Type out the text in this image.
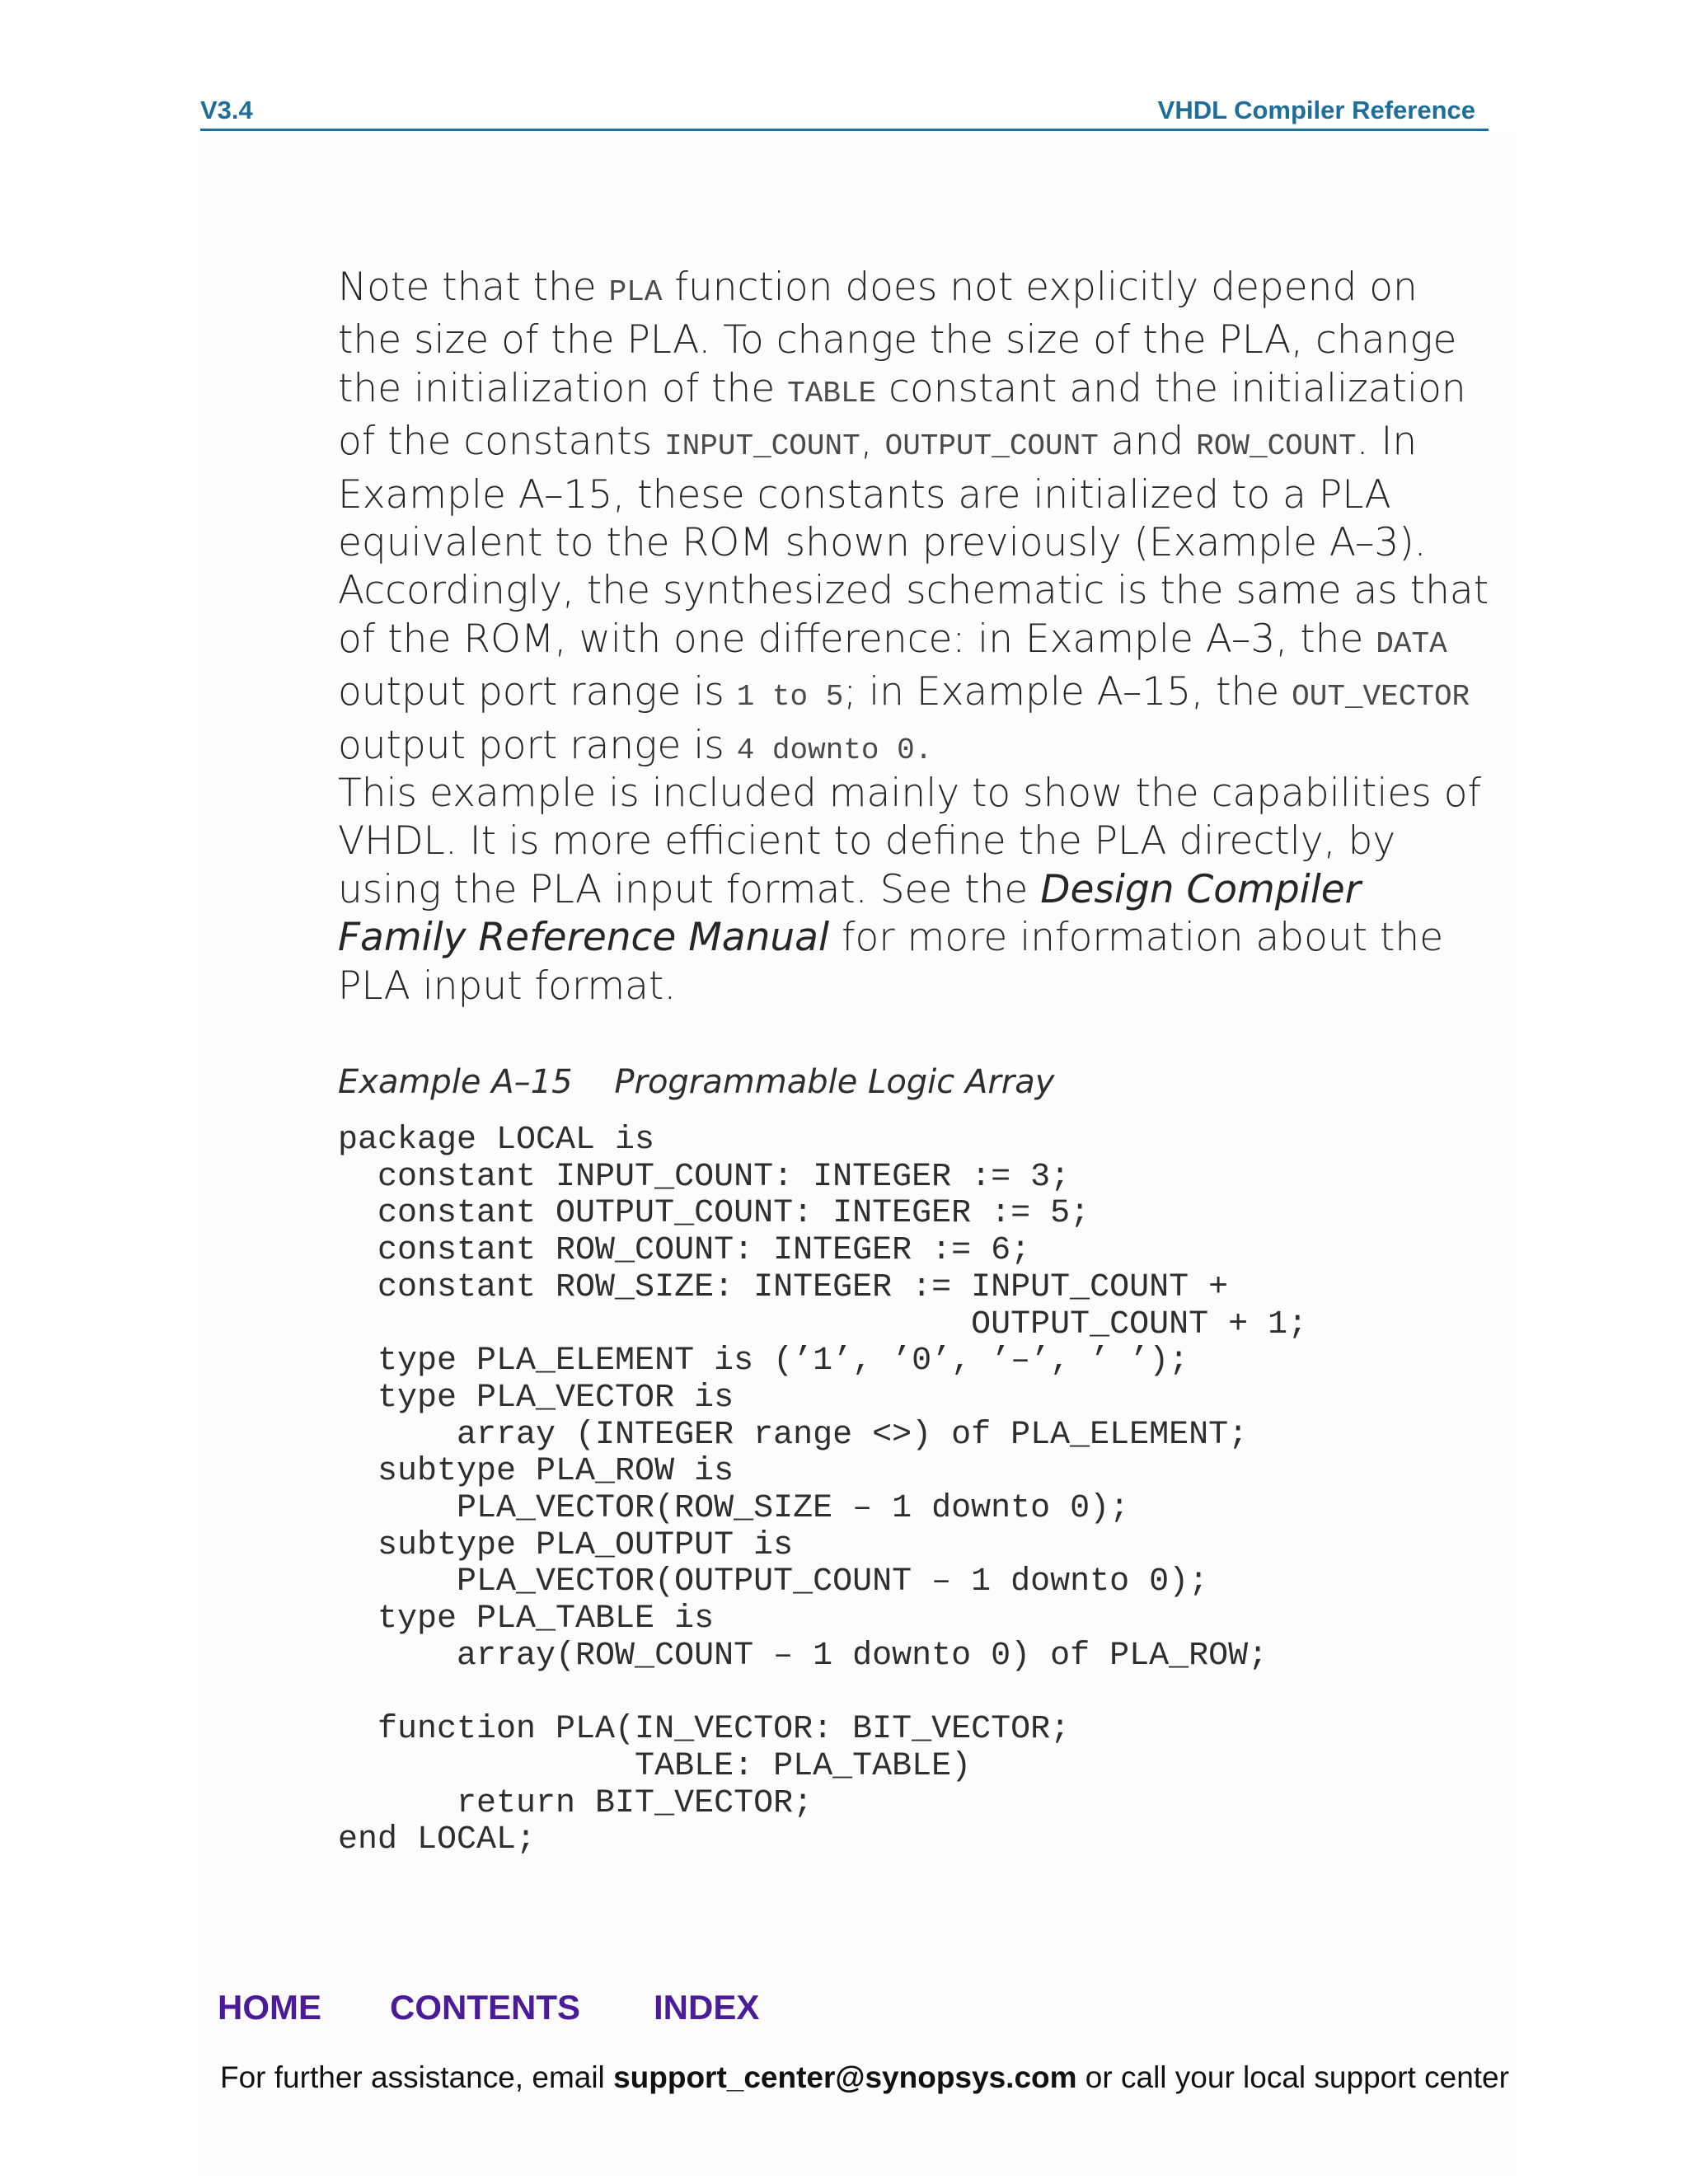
V3.4	VHDL Compiler Reference

Note that the PLA function does not explicitly depend on the size of the PLA. To change the size of the PLA, change the initialization of the TABLE constant and the initialization of the constants INPUT_COUNT, OUTPUT_COUNT and ROW_COUNT. In Example A–15, these constants are initialized to a PLA equivalent to the ROM shown previously (Example A–3). Accordingly, the synthesized schematic is the same as that of the ROM, with one difference: in Example A–3, the DATA output port range is 1 to 5; in Example A–15, the OUT_VECTOR output port range is 4 downto 0.

This example is included mainly to show the capabilities of VHDL. It is more efficient to define the PLA directly, by using the PLA input format. See the Design Compiler Family Reference Manual for more information about the PLA input format.

Example A–15    Programmable Logic Array
package LOCAL is
constant INPUT_COUNT: INTEGER := 3;
constant OUTPUT_COUNT: INTEGER := 5;
constant ROW_COUNT: INTEGER := 6;
constant ROW_SIZE: INTEGER := INPUT_COUNT +
OUTPUT_COUNT + 1;
type PLA_ELEMENT is (’1’, ’0’, ’–’, ’ ’);
type PLA_VECTOR is
array (INTEGER range <>) of PLA_ELEMENT;
subtype PLA_ROW is
PLA_VECTOR(ROW_SIZE – 1 downto 0);
subtype PLA_OUTPUT is
PLA_VECTOR(OUTPUT_COUNT – 1 downto 0);
type PLA_TABLE is
array(ROW_COUNT – 1 downto 0) of PLA_ROW;

function PLA(IN_VECTOR: BIT_VECTOR;
TABLE: PLA_TABLE)
return BIT_VECTOR;
end LOCAL;
HOME CONTENTS INDEX
For further assistance, email support_center@synopsys.com or call your local support center
